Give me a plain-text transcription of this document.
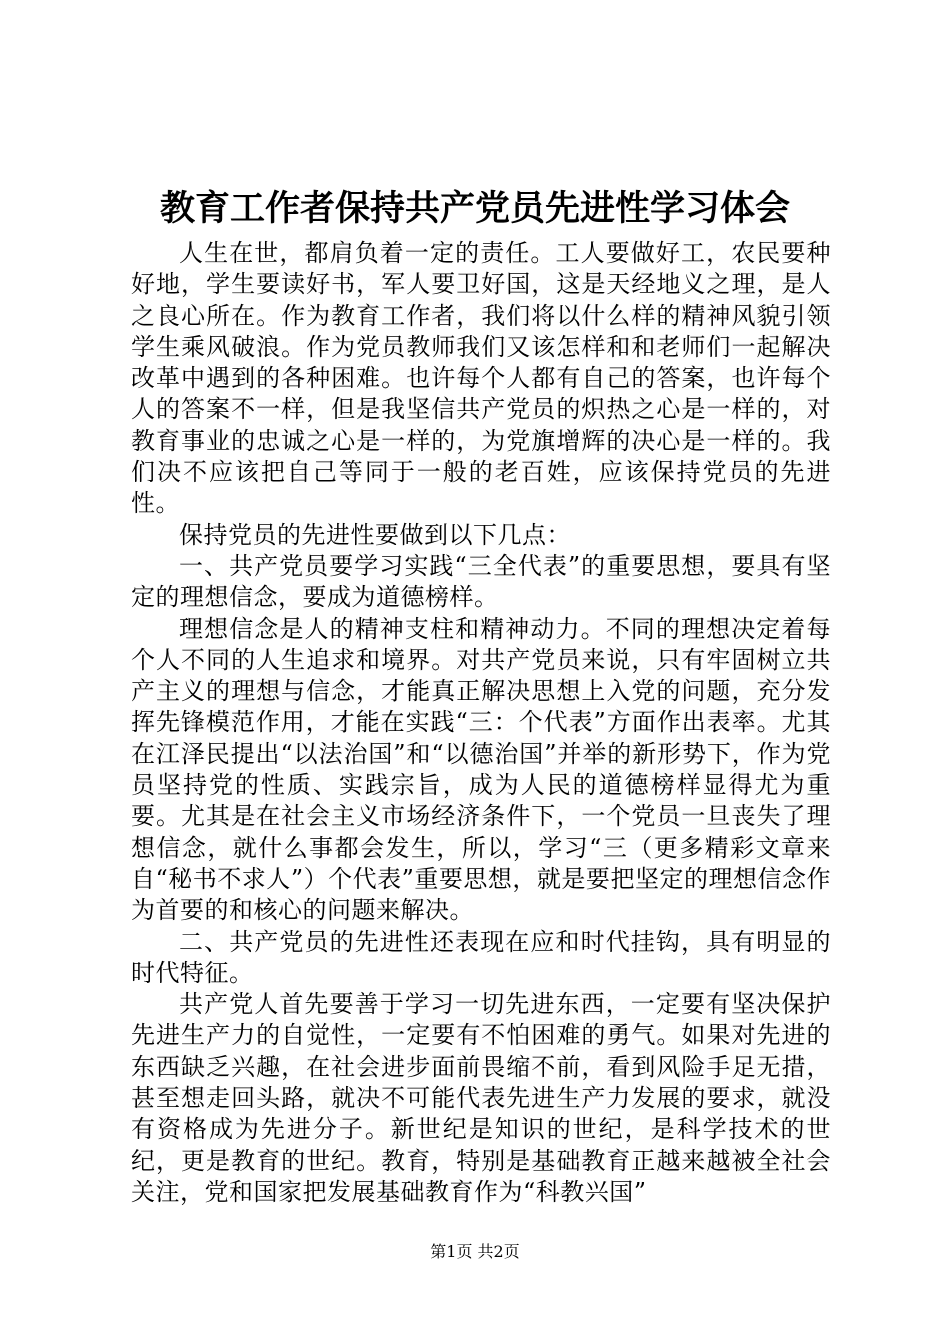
教育工作者保持共产党员先进性学习体会

人生在世，都肩负着一定的责任。工人要做好工，农民要种好地，学生要读好书，军人要卫好国，这是天经地义之理，是人之良心所在。作为教育工作者，我们将以什么样的精神风貌引领学生乘风破浪。作为党员教师我们又该怎样和和老师们一起解决改革中遇到的各种困难。也许每个人都有自己的答案，也许每个人的答案不一样，但是我坚信共产党员的炽热之心是一样的，对教育事业的忠诚之心是一样的，为党旗增辉的决心是一样的。我们决不应该把自己等同于一般的老百姓，应该保持党员的先进性。

保持党员的先进性要做到以下几点：

一、共产党员要学习实践“三全代表”的重要思想，要具有坚定的理想信念，要成为道德榜样。

理想信念是人的精神支柱和精神动力。不同的理想决定着每个人不同的人生追求和境界。对共产党员来说，只有牢固树立共产主义的理想与信念，才能真正解决思想上入党的问题，充分发挥先锋模范作用，才能在实践“三：个代表”方面作出表率。尤其在江泽民提出“以法治国”和“以德治国”并举的新形势下，作为党员坚持党的性质、实践宗旨，成为人民的道德榜样显得尤为重要。尤其是在社会主义市场经济条件下，一个党员一旦丧失了理想信念，就什么事都会发生，所以，学习“三（更多精彩文章来自“秘书不求人”）个代表”重要思想，就是要把坚定的理想信念作为首要的和核心的问题来解决。

二、共产党员的先进性还表现在应和时代挂钩，具有明显的时代特征。

共产党人首先要善于学习一切先进东西，一定要有坚决保护先进生产力的自觉性，一定要有不怕困难的勇气。如果对先进的东西缺乏兴趣，在社会进步面前畏缩不前，看到风险手足无措，甚至想走回头路，就决不可能代表先进生产力发展的要求，就没有资格成为先进分子。新世纪是知识的世纪，是科学技术的世纪，更是教育的世纪。教育，特别是基础教育正越来越被全社会关注，党和国家把发展基础教育作为“科教兴国”

第1页 共2页
